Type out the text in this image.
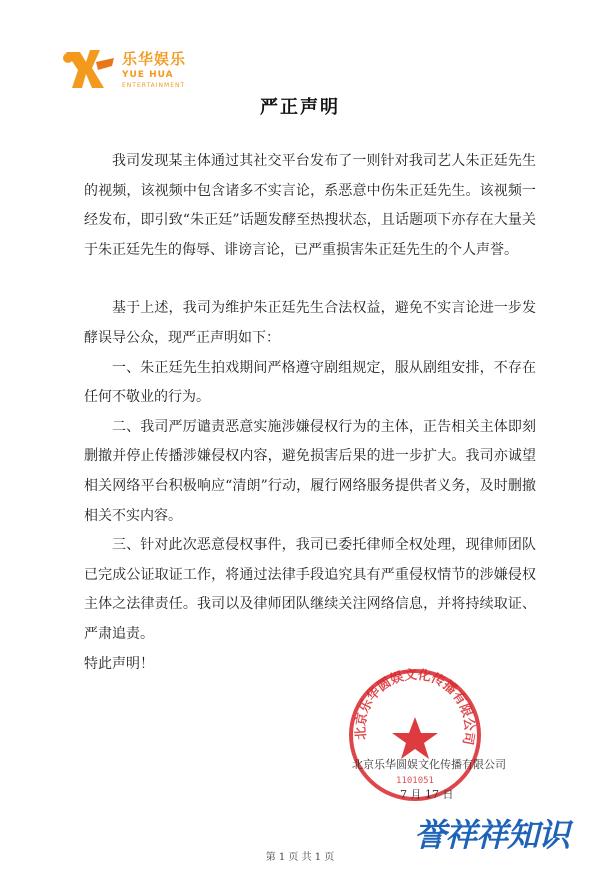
乐华娱乐
YUE HUA
ENTERTAINMENT
严正声明

我司发现某主体通过其社交平台发布了一则针对我司艺人朱正廷先生的视频，该视频中包含诸多不实言论，系恶意中伤朱正廷先生。该视频一经发布，即引致“朱正廷”话题发酵至热搜状态，且话题项下亦存在大量关于朱正廷先生的侮辱、诽谤言论，已严重损害朱正廷先生的个人声誉。

基于上述，我司为维护朱正廷先生合法权益，避免不实言论进一步发酵误导公众，现严正声明如下：

一、朱正廷先生拍戏期间严格遵守剧组规定，服从剧组安排，不存在任何不敬业的行为。

二、我司严厉谴责恶意实施涉嫌侵权行为的主体，正告相关主体即刻删撤并停止传播涉嫌侵权内容，避免损害后果的进一步扩大。我司亦诚望相关网络平台积极响应“清朗”行动，履行网络服务提供者义务，及时删撤相关不实内容。

三、针对此次恶意侵权事件，我司已委托律师全权处理，现律师团队已完成公证取证工作，将通过法律手段追究具有严重侵权情节的涉嫌侵权主体之法律责任。我司以及律师团队继续关注网络信息，并将持续取证、严肃追责。

特此声明！

北京乐华圆娱文化传播有限公司
1101051
北京乐华圆娱文化传播有限公司
7 月 17 日
第 1 页 共 1 页
誉祥祥知识
